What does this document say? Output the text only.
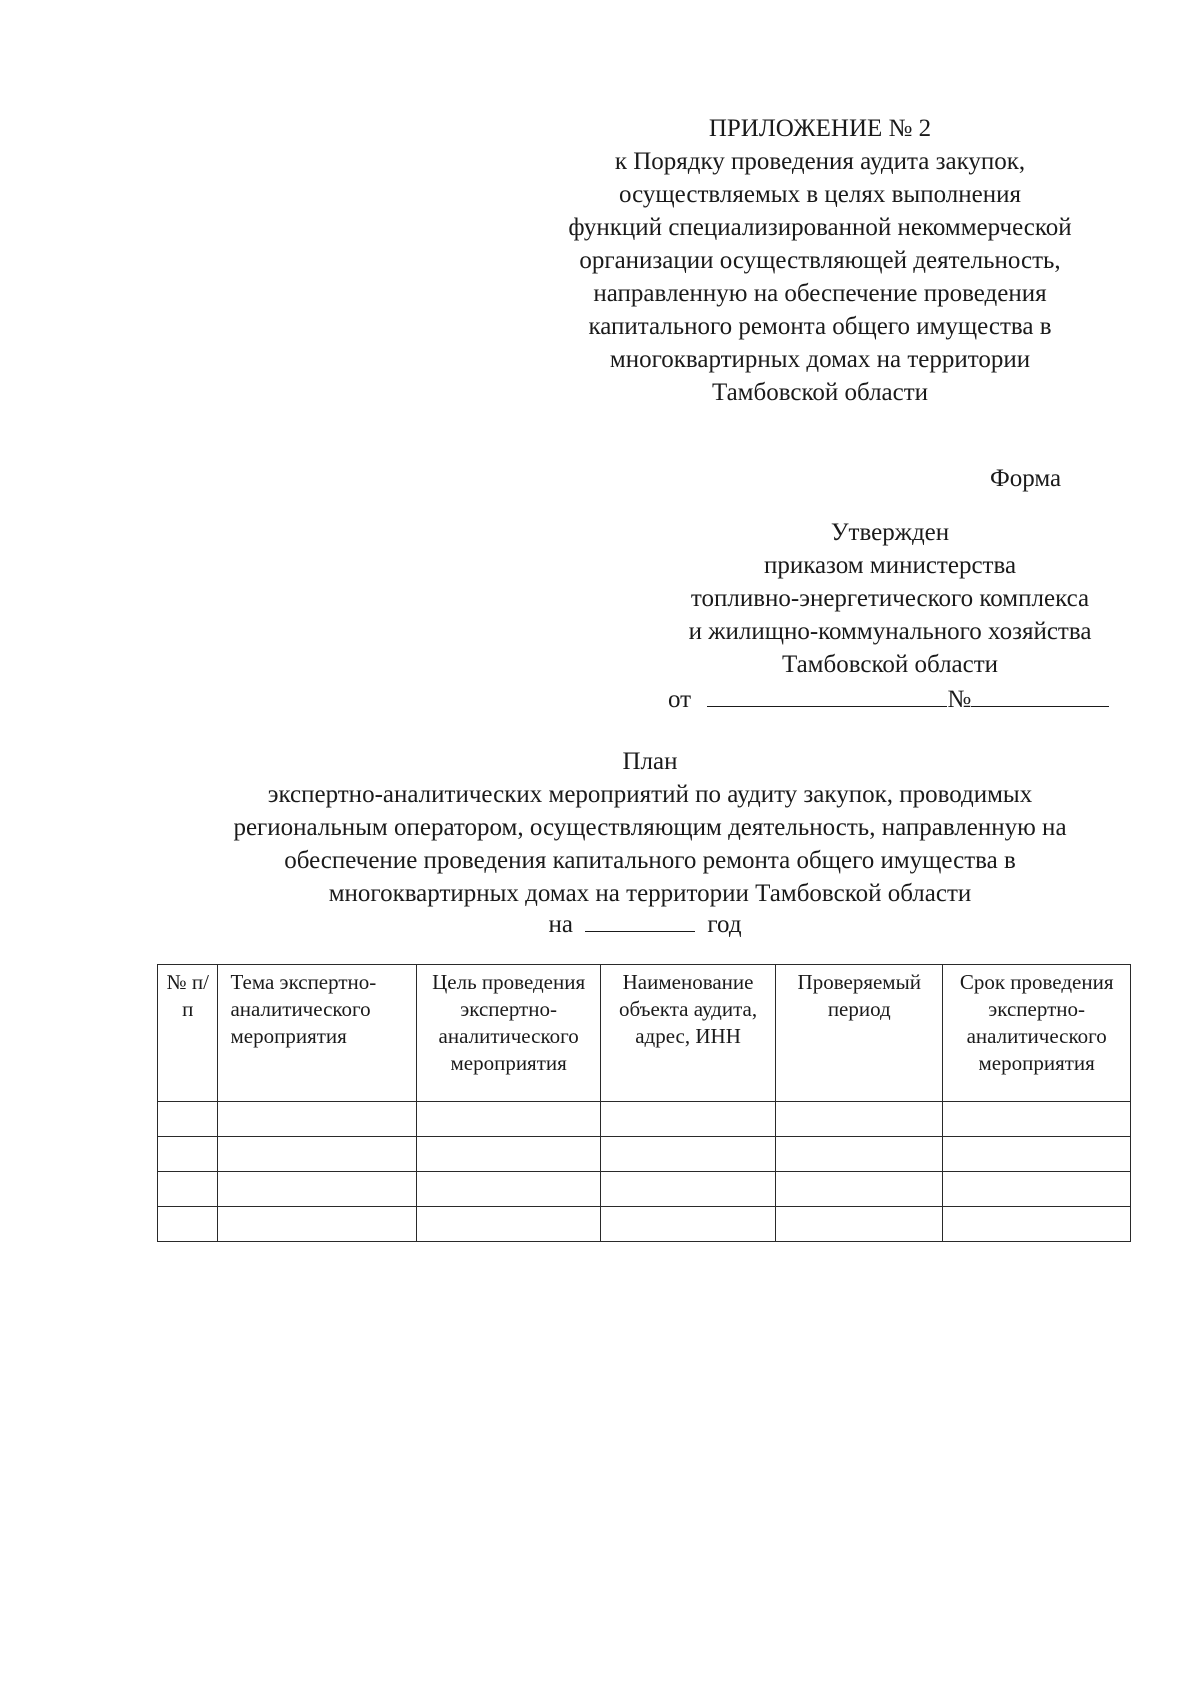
ПРИЛОЖЕНИЕ № 2
к Порядку проведения аудита закупок,
осуществляемых в целях выполнения
функций специализированной некоммерческой
организации осуществляющей деятельность,
направленную на обеспечение проведения
капитального ремонта общего имущества в
многоквартирных домах на территории
Тамбовской области
Форма
Утвержден
приказом министерства
топливно-энергетического комплекса
и жилищно-коммунального хозяйства
Тамбовской области
от	№
План
экспертно-аналитических мероприятий по аудиту закупок, проводимых
региональным оператором, осуществляющим деятельность, направленную на
обеспечение проведения капитального ремонта общего имущества в
многоквартирных домах на территории Тамбовской области
на	год
№ п/п	Тема экспертно-аналитического мероприятия	Цель проведения экспертно-аналитического мероприятия	Наименование объекта аудита, адрес, ИНН	Проверяемый период	Срок проведения экспертно-аналитического мероприятия
